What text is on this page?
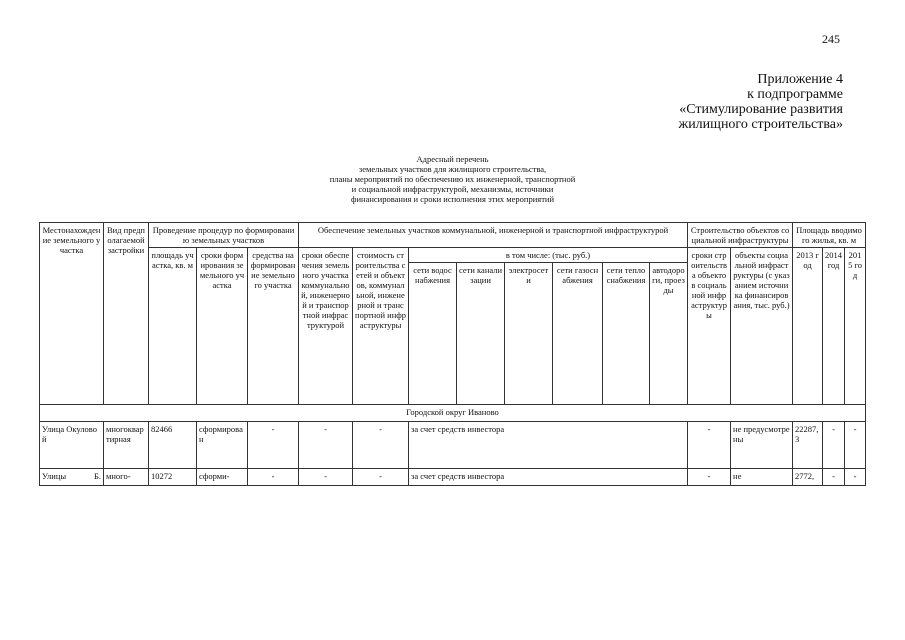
245
Приложение 4
к подпрограмме
«Стимулирование развития
жилищного строительства»
Адресный перечень
земельных участков для жилищного строительства,
планы мероприятий по обеспечению их инженерной, транспортной
и социальной инфраструктурой, механизмы, источники
финансирования и сроки исполнения этих мероприятий
Местонахождение земельного участка	Вид предполагаемой застройки	Проведение процедур по формированию земельных участков			Обеспечение земельных участков коммунальной, инженерной и транспортной инфраструктурой								Строительство объектов социальной инфраструктуры		Площадь вводимого жилья, кв. м		
		площадь участка, кв. м	сроки формирования земельного участка	средства на формирование земельного участка	сроки обеспечения земельного участка коммунальной, инженерной и транспортной инфраструктурой	стоимость строительства сетей и объектов, коммунальной, инженерной и транспортной инфраструктуры	в том числе: (тыс. руб.)						сроки строительства объектов социальной инфраструктуры	объекты социальной инфраструктуры (с указанием источника финансирования, тыс. руб.)	2013 год	2014 год	2015 год
							сети водоснабжения	сети канализации	электросети	сети газоснабжения	сети теплоснабжения	автодороги, проезды					
Городской округ Иваново																	
Улица Окуловой	многоквартирная	82466	сформирован	-	-	-	за счет средств инвестора						-	не предусмотрены	22287,3	-	-
Улицы Б.	много-	10272	сформи-	-	-	-	за счет средств инвестора						-	не	2772,	-	-
